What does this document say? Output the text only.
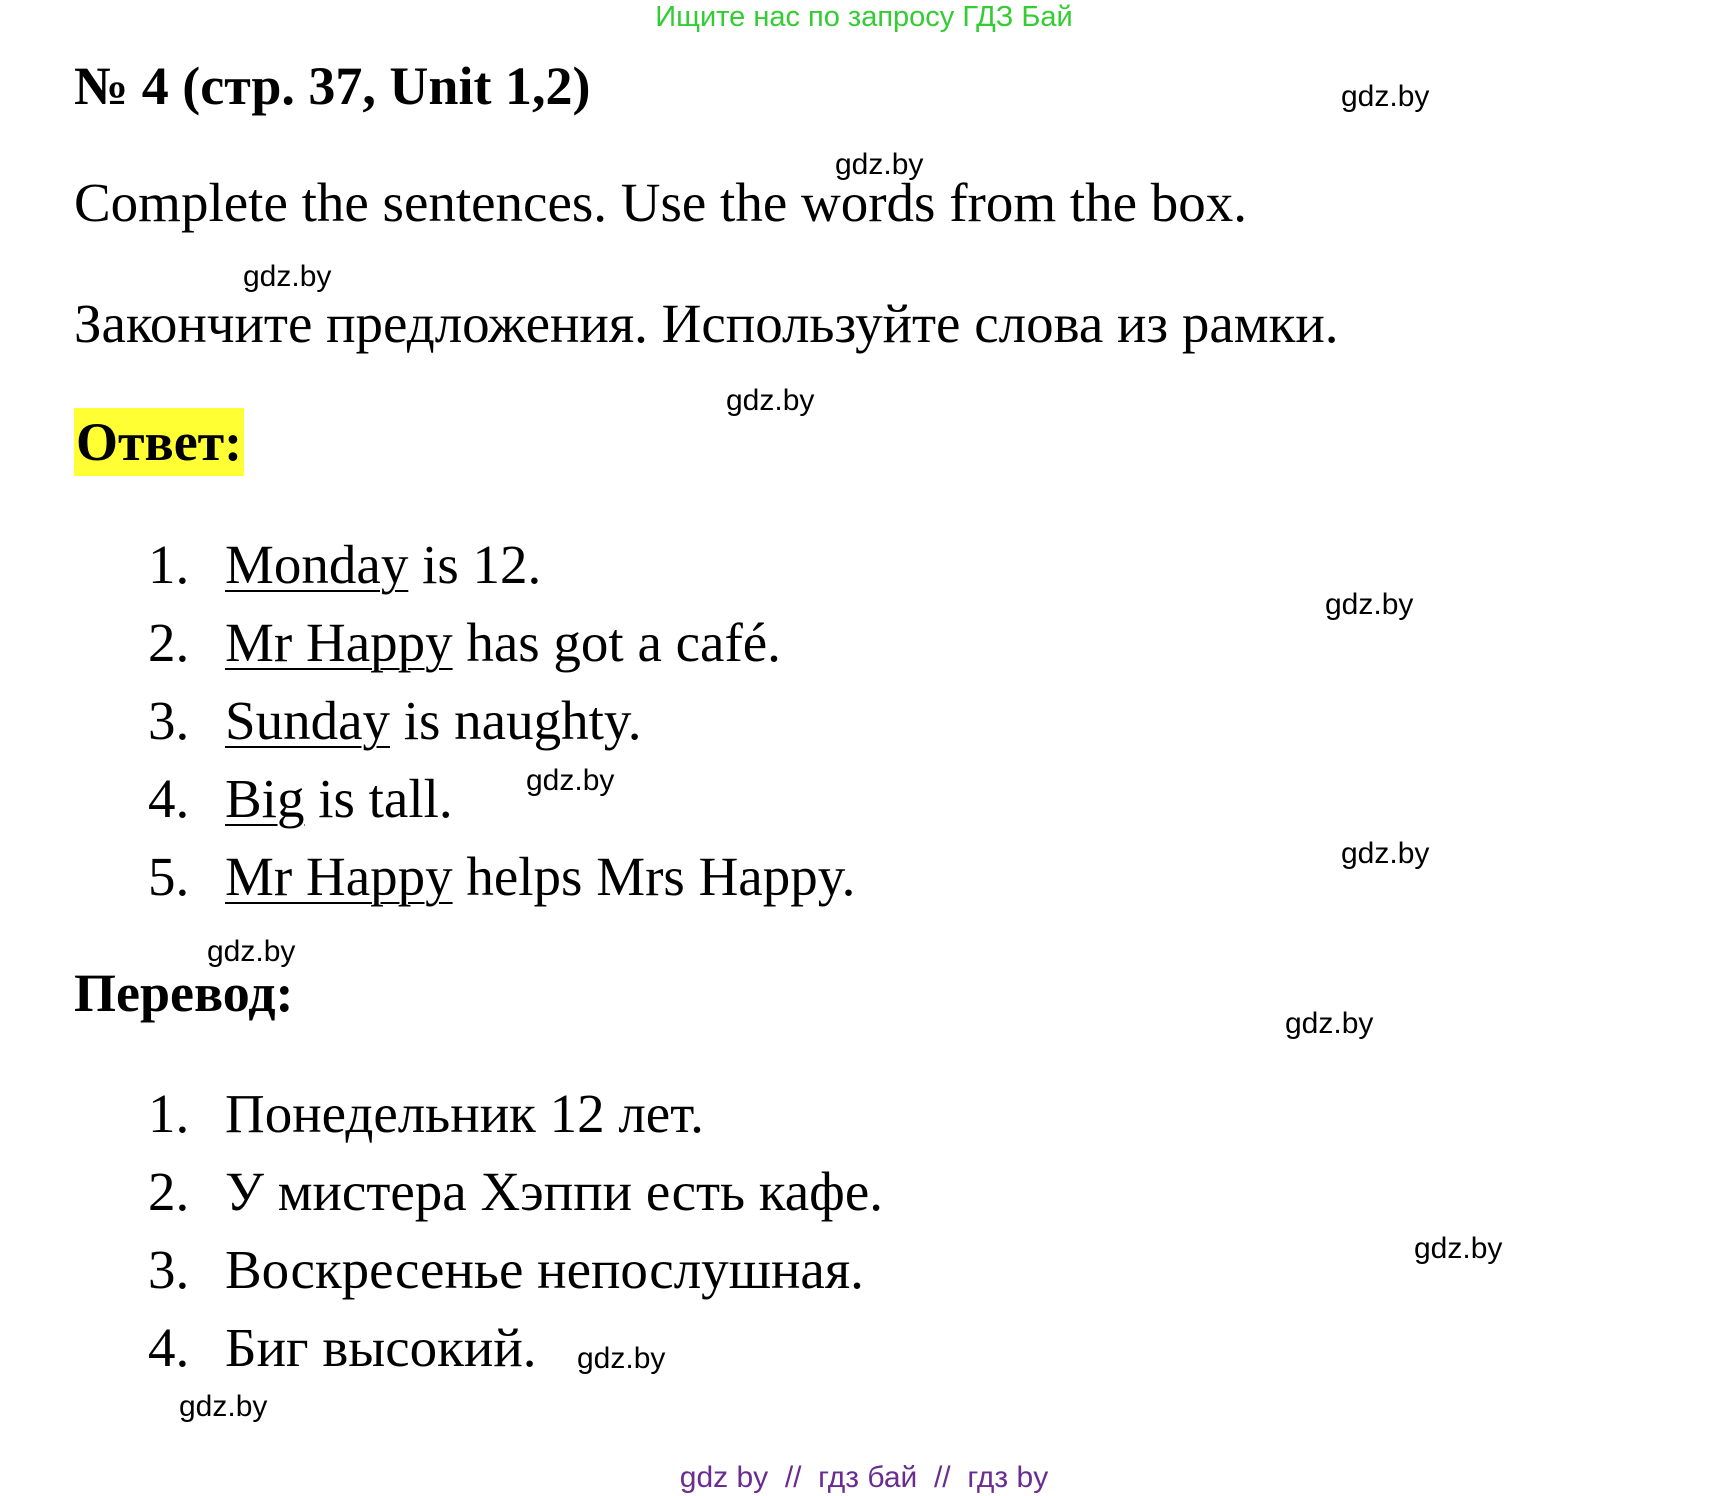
Ищите нас по запросу ГДЗ Бай
№ 4 (стр. 37, Unit 1,2)
Complete the sentences. Use the words from the box.
Закончите предложения. Используйте слова из рамки.
Ответ:
1. Monday is 12.
2. Mr Happy has got a café.
3. Sunday is naughty.
4. Big is tall.
5. Mr Happy helps Mrs Happy.
Перевод:
1. Понедельник 12 лет.
2. У мистера Хэппи есть кафе.
3. Воскресенье непослушная.
4. Биг высокий.
gdz.by
gdz.by
gdz.by
gdz.by
gdz.by
gdz.by
gdz.by
gdz.by
gdz.by
gdz.by
gdz.by
gdz.by
gdz by  //  гдз бай  //  гдз by
